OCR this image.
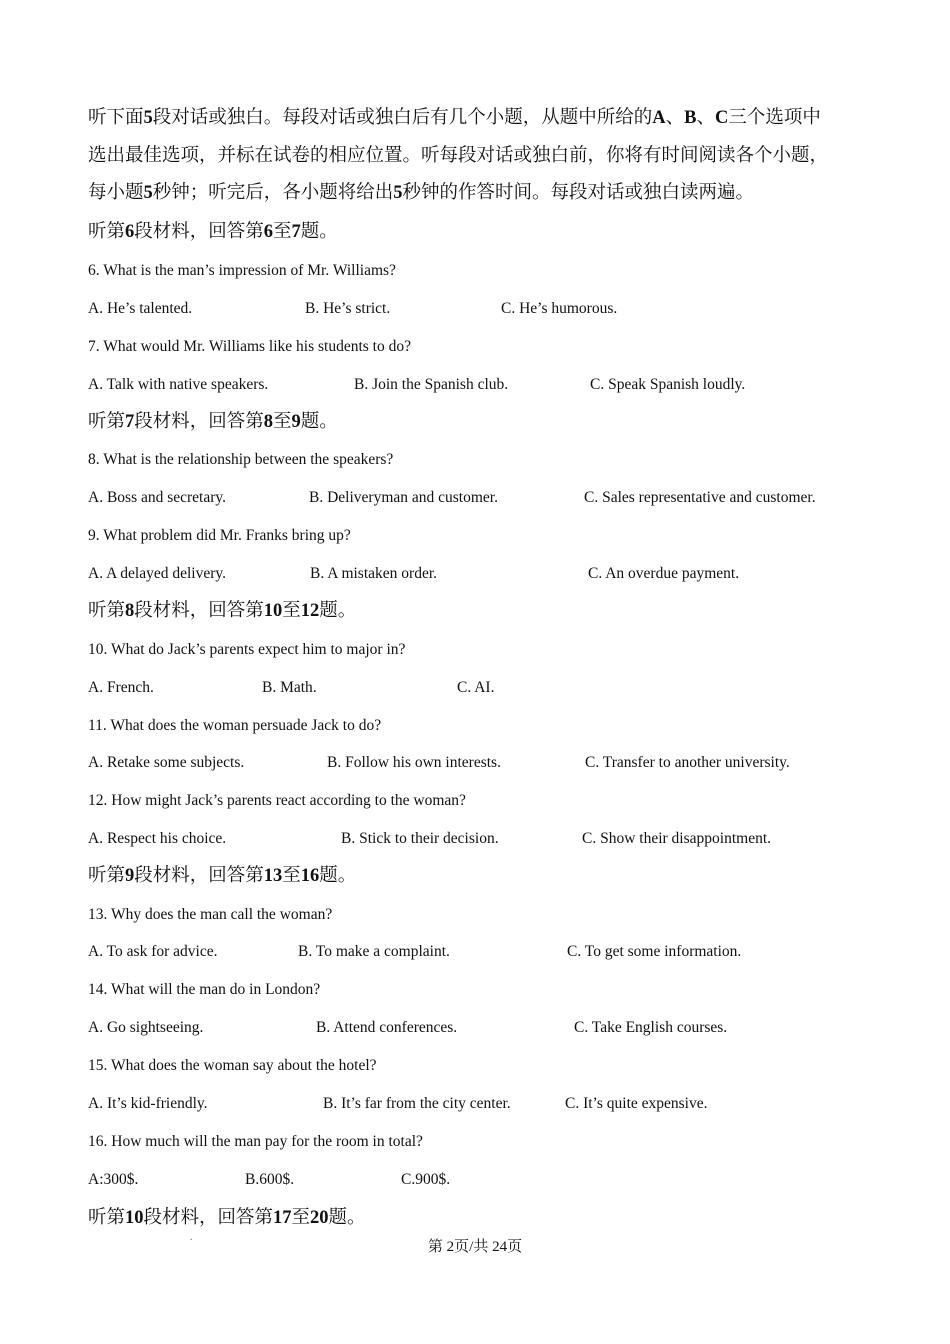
听下面5段对话或独白。每段对话或独白后有几个小题，从题中所给的A、B、C三个选项中
选出最佳选项，并标在试卷的相应位置。听每段对话或独白前，你将有时间阅读各个小题，
每小题5秒钟；听完后，各小题将给出5秒钟的作答时间。每段对话或独白读两遍。
听第6段材料，回答第6至7题。
听第7段材料，回答第8至9题。
听第8段材料，回答第10至12题。
听第9段材料，回答第13至16题。
听第10段材料，回答第17至20题。
6. What is the man’s impression of Mr. Williams?
A. He’s talented.	B. He’s strict.	C. He’s humorous.
7. What would Mr. Williams like his students to do?
A. Talk with native speakers.	B. Join the Spanish club.	C. Speak Spanish loudly.
8. What is the relationship between the speakers?
A. Boss and secretary.	B. Deliveryman and customer.	C. Sales representative and customer.
9. What problem did Mr. Franks bring up?
A. A delayed delivery.	B. A mistaken order.	C. An overdue payment.
10. What do Jack’s parents expect him to major in?
A. French.	B. Math.	C. AI.
11. What does the woman persuade Jack to do?
A. Retake some subjects.	B. Follow his own interests.	C. Transfer to another university.
12. How might Jack’s parents react according to the woman?
A. Respect his choice.	B. Stick to their decision.	C. Show their disappointment.
13. Why does the man call the woman?
A. To ask for advice.	B. To make a complaint.	C. To get some information.
14. What will the man do in London?
A. Go sightseeing.	B. Attend conferences.	C. Take English courses.
15. What does the woman say about the hotel?
A. It’s kid-friendly.	B. It’s far from the city center.	C. It’s quite expensive.
16. How much will the man pay for the room in total?
A:300$.	B.600$.	C.900$.
.
第 2页/共 24页
